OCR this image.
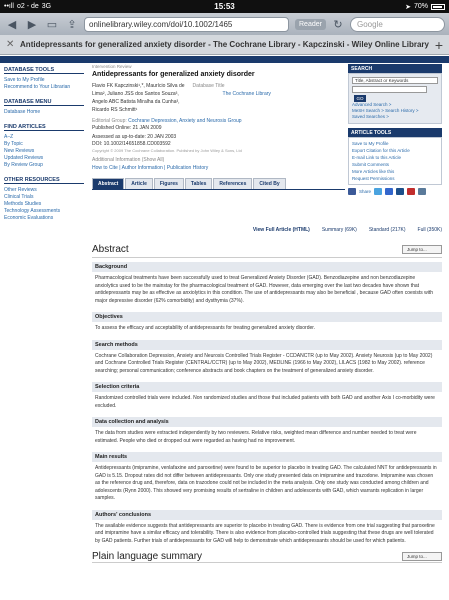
••ıll o2 - de 3G	15:53	➤ 70%
◀	▶ ▭ ⇪	onlinelibrary.wiley.com/doi/10.1002/1465	Reader	↻	Google
✕ Antidepressants for generalized anxiety disorder - The Cochrane Library - Kapczinski - Wiley Online Library +
DATABASE TOOLS
Save to My Profile
Recommend to Your Librarian
DATABASE MENU
Database Home
FIND ARTICLES
A–Z
By Topic
New Reviews
Updated Reviews
By Review Group
OTHER RESOURCES
Other Reviews
Clinical Trials
Methods Studies
Technology Assessments
Economic Evaluations
Intervention Review
Antidepressants for generalized anxiety disorder
Flavio FK Kapczinski¹,*, Maurício Silva de
Lima², Juliano JSS dos Santos Souza³,
Angelo ABC Batista Miralha da Cunha³,
Ricardo RS Schmitt¹
Database Title
The Cochrane Library
Editorial Group: Cochrane Depression, Anxiety and Neurosis Group
Published Online: 21 JAN 2009
Assessed as up-to-date: 20 JAN 2003
DOI: 10.1002/14651858.CD003592
Copyright © 2009 The Cochrane Collaboration. Published by John Wiley & Sons, Ltd
Additional Information (Show All)
How to Cite | Author Information | Publication History
Abstract	Article	Figures	Tables	References	Cited By
SEARCH
Title, Abstract or Keywords
GO
Advanced Search >
MeSH Search > Search History >
Saved Searches >
ARTICLE TOOLS
Save to My Profile
Export Citation for this Article
E-mail Link to this Article
Submit Comments
More Articles like this
Request Permissions
Share
View Full Article (HTML) Summary (69K) Standard (217K) Full (350K)
Abstract	Jump to...
Background
Pharmacological treatments have been successfully used to treat Generalized Anxiety Disorder (GAD). Benzodiazepine and non benzodiazepine anxiolytics used to be the mainstay for the pharmacological treatment of GAD. However, data emerging over the last two decades have shown that antidepressants may be as effective as anxiolytics in this condition. The use of antidepressants may also be beneficial , because GAD often coexists with major depressive disorder (62% comorbidity) and dysthymia (37%).
Objectives
To assess the efficacy and acceptability of antidepressants for treating generalized anxiety disorder.
Search methods
Cochrane Collaboration Depression, Anxiety and Neurosis Controlled Trials Register - CCDANCTR (up to May 2002). Anxiety Neurosis (up to May 2002) and Cochrane Controlled Trials Register (CENTRAL/CCTR) (up to May 2002), MEDLINE (1966 to May 2002), LILACS (1982 to May 2002). reference searching; personal communication; conference abstracts and book chapters on the treatment of generalized anxiety disorder.
Selection criteria
Randomized controlled trials were included. Non randomized studies and those that included patients with both GAD and another Axis I co-morbidity were excluded.
Data collection and analysis
The data from studies were extracted independently by two reviewers. Relative risks, weighted mean difference and number needed to treat were estimated. People who died or dropped out were regarded as having had no improvement.
Main results
Antidepressants (imipramine, venlafaxine and paroxetine) were found to be superior to placebo in treating GAD. The calculated NNT for antidepressants in GAD is 5.15. Dropout rates did not differ between antidepressants. Only one study presented data on imipramine and trazodone. Imipramine was chosen as the reference drug and, therefore, data on trazodone could not be included in the meta analysis. Only one study was conducted among children and adolescents (Rynn 2000). This showed very promising results of sertraline in children and adolescents with GAD, which warrants replication in larger samples.
Authors' conclusions
The available evidence suggests that antidepressants are superior to placebo in treating GAD. There is evidence from one trial suggesting that paroxetine and imipramine have a similar efficacy and tolerability. There is also evidence from placebo-controlled trials suggesting that these drugs are well tolerated by GAD patients. Further trials of antidepressants for GAD will help to demonstrate which antidepressants should be used for which patients.
Plain language summary	Jump to...
